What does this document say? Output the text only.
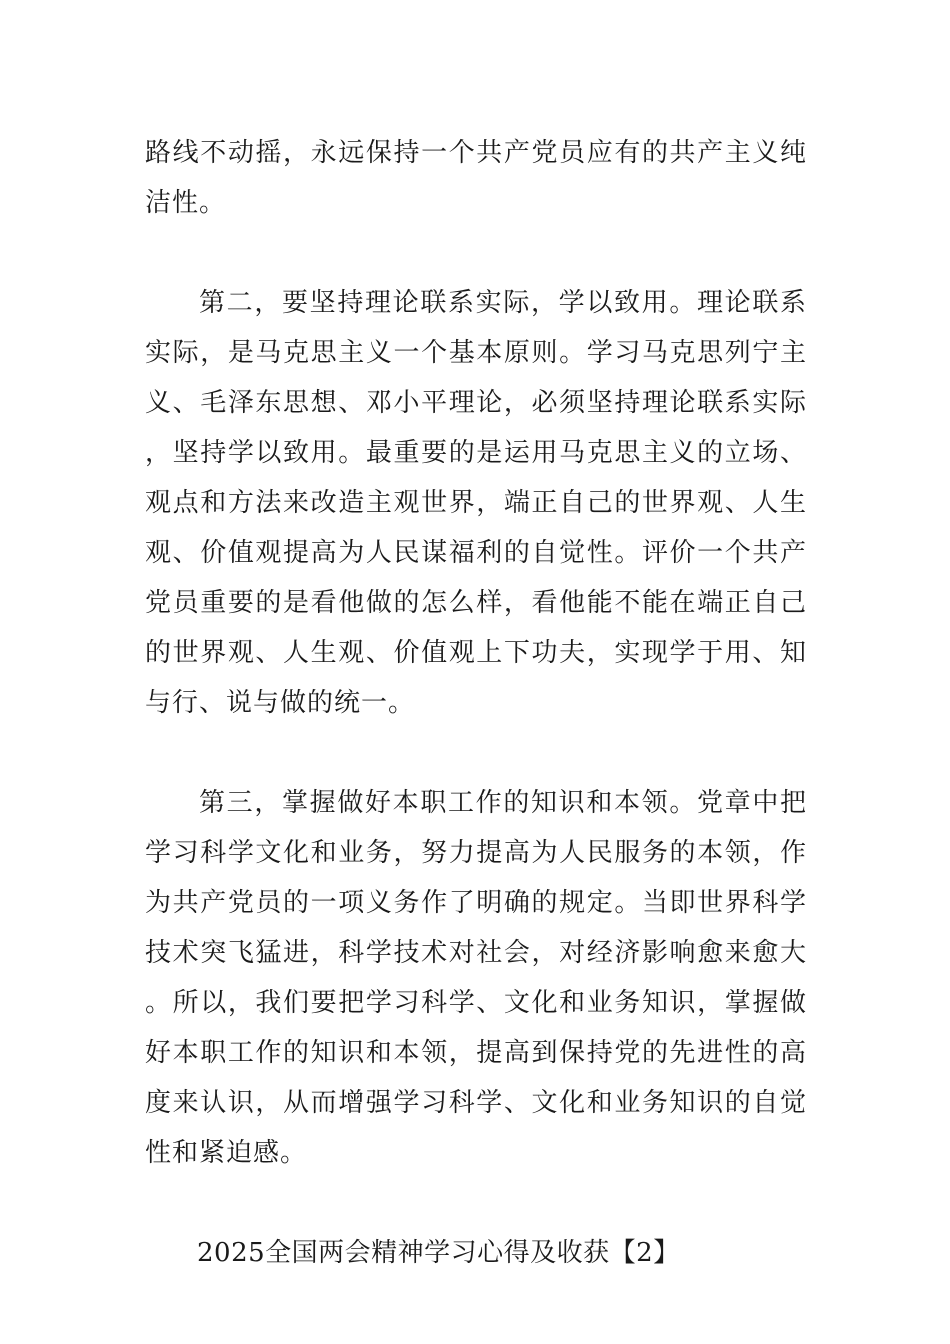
路线不动摇，永远保持一个共产党员应有的共产主义纯洁性。

第二，要坚持理论联系实际，学以致用。理论联系实际，是马克思主义一个基本原则。学习马克思列宁主义、毛泽东思想、邓小平理论，必须坚持理论联系实际，坚持学以致用。最重要的是运用马克思主义的立场、观点和方法来改造主观世界，端正自己的世界观、人生观、价值观提高为人民谋福利的自觉性。评价一个共产党员重要的是看他做的怎么样，看他能不能在端正自己的世界观、人生观、价值观上下功夫，实现学于用、知与行、说与做的统一。

第三，掌握做好本职工作的知识和本领。党章中把学习科学文化和业务，努力提高为人民服务的本领，作为共产党员的一项义务作了明确的规定。当即世界科学技术突飞猛进，科学技术对社会，对经济影响愈来愈大。所以，我们要把学习科学、文化和业务知识，掌握做好本职工作的知识和本领，提高到保持党的先进性的高度来认识，从而增强学习科学、文化和业务知识的自觉性和紧迫感。

2025全国两会精神学习心得及收获【2】
